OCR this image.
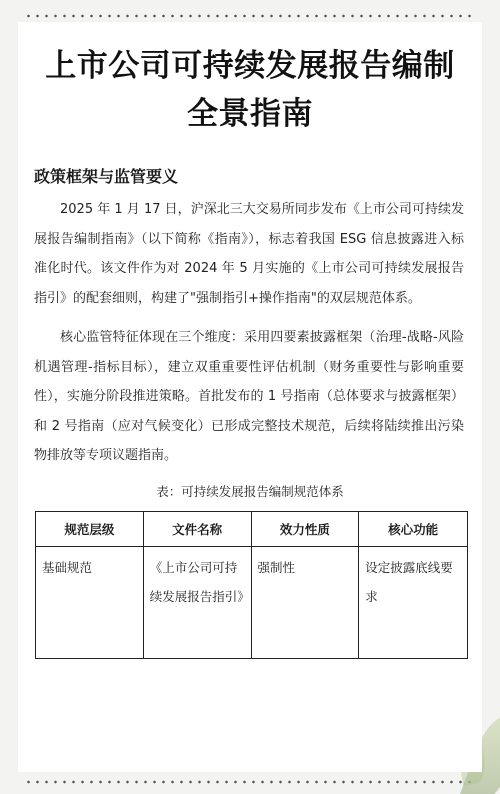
上市公司可持续发展报告编制
全景指南
政策框架与监管要义

2025 年 1 月 17 日，沪深北三大交易所同步发布《上市公司可持续发展报告编制指南》（以下简称《指南》），标志着我国 ESG 信息披露进入标准化时代。该文件作为对 2024 年 5 月实施的《上市公司可持续发展报告指引》的配套细则，构建了"强制指引+操作指南"的双层规范体系。

核心监管特征体现在三个维度：采用四要素披露框架（治理-战略-风险机遇管理-指标目标），建立双重重要性评估机制（财务重要性与影响重要性），实施分阶段推进策略。首批发布的 1 号指南（总体要求与披露框架）和 2 号指南（应对气候变化）已形成完整技术规范，后续将陆续推出污染物排放等专项议题指南。

表：可持续发展报告编制规范体系
规范层级	文件名称	效力性质	核心功能
基础规范	《上市公司可持续发展报告指引》	强制性	设定披露底线要求
